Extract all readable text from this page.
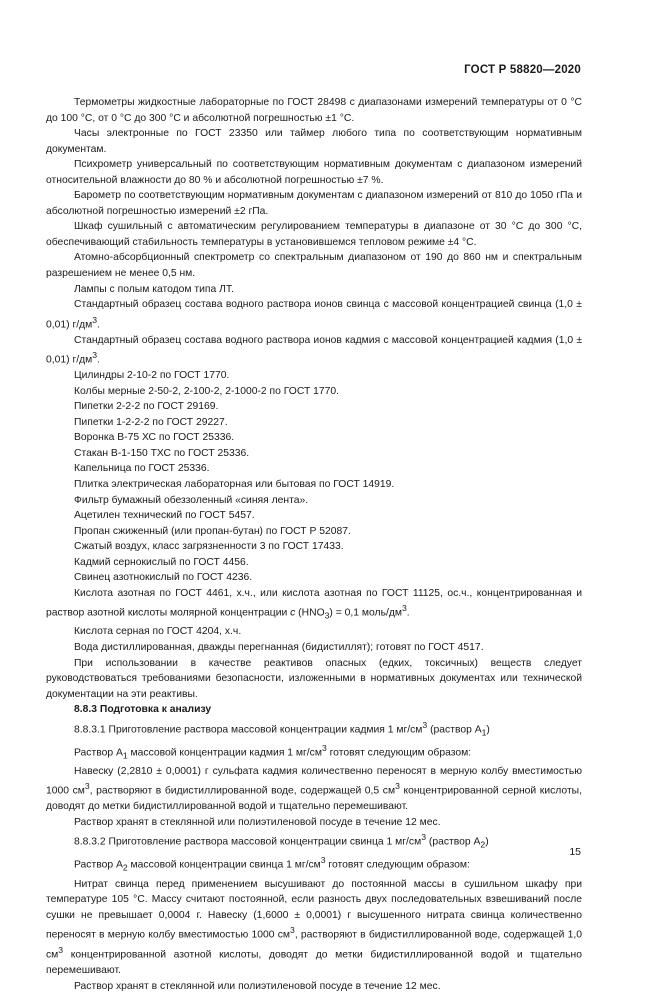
ГОСТ Р 58820—2020

Термометры жидкостные лабораторные по ГОСТ 28498 с диапазонами измерений температуры от 0 °С до 100 °С, от 0 °С до 300 °С и абсолютной погрешностью ±1 °С.

Часы электронные по ГОСТ 23350 или таймер любого типа по соответствующим нормативным документам.

Психрометр универсальный по соответствующим нормативным документам с диапазоном измерений относительной влажности до 80 % и абсолютной погрешностью ±7 %.

Барометр по соответствующим нормативным документам с диапазоном измерений от 810 до 1050 гПа и абсолютной погрешностью измерений ±2 гПа.

Шкаф сушильный с автоматическим регулированием температуры в диапазоне от 30 °С до 300 °С, обеспечивающий стабильность температуры в установившемся тепловом режиме ±4 °С.

Атомно-абсорбционный спектрометр со спектральным диапазоном от 190 до 860 нм и спектральным разрешением не менее 0,5 нм.

Лампы с полым катодом типа ЛТ.

Стандартный образец состава водного раствора ионов свинца с массовой концентрацией свинца (1,0 ± 0,01) $г/дм^3$.

Стандартный образец состава водного раствора ионов кадмия с массовой концентрацией кадмия (1,0 ± 0,01) $г/дм^3$.

Цилиндры 2-10-2 по ГОСТ 1770.

Колбы мерные 2-50-2, 2-100-2, 2-1000-2 по ГОСТ 1770.

Пипетки 2-2-2 по ГОСТ 29169.

Пипетки 1-2-2-2 по ГОСТ 29227.

Воронка В-75 ХС по ГОСТ 25336.

Стакан В-1-150 ТХС по ГОСТ 25336.

Капельница по ГОСТ 25336.

Плитка электрическая лабораторная или бытовая по ГОСТ 14919.

Фильтр бумажный обеззоленный «синяя лента».

Ацетилен технический по ГОСТ 5457.

Пропан сжиженный (или пропан-бутан) по ГОСТ Р 52087.

Сжатый воздух, класс загрязненности 3 по ГОСТ 17433.

Кадмий сернокислый по ГОСТ 4456.

Свинец азотнокислый по ГОСТ 4236.

Кислота азотная по ГОСТ 4461, х.ч., или кислота азотная по ГОСТ 11125, ос.ч., концентрированная и раствор азотной кислоты молярной концентрации c $(HNO_3) = 0,1$ моль/$дм^3$.

Кислота серная по ГОСТ 4204, х.ч.

Вода дистиллированная, дважды перегнанная (бидистиллят); готовят по ГОСТ 4517.

При использовании в качестве реактивов опасных (едких, токсичных) веществ следует руководствоваться требованиями безопасности, изложенными в нормативных документах или технической документации на эти реактивы.

8.8.3 Подготовка к анализу

8.8.3.1 Приготовление раствора массовой концентрации кадмия 1 $мг/см^3$ (раствор $А_1$)

Раствор $А_1$ массовой концентрации кадмия 1 $мг/см^3$ готовят следующим образом:

Навеску (2,2810 ± 0,0001) г сульфата кадмия количественно переносят в мерную колбу вместимостью 1000 $см^3$, растворяют в бидистиллированной воде, содержащей 0,5 $см^3$ концентрированной серной кислоты, доводят до метки бидистиллированной водой и тщательно перемешивают.

Раствор хранят в стеклянной или полиэтиленовой посуде в течение 12 мес.

8.8.3.2 Приготовление раствора массовой концентрации свинца 1 $мг/см^3$ (раствор $А_2$)

Раствор $А_2$ массовой концентрации свинца 1 $мг/см^3$ готовят следующим образом:

Нитрат свинца перед применением высушивают до постоянной массы в сушильном шкафу при температуре 105 °С. Массу считают постоянной, если разность двух последовательных взвешиваний после сушки не превышает 0,0004 г. Навеску (1,6000 ± 0,0001) г высушенного нитрата свинца количественно переносят в мерную колбу вместимостью 1000 $см^3$, растворяют в бидистиллированной воде, содержащей 1,0 $см^3$ концентрированной азотной кислоты, доводят до метки бидистиллированной водой и тщательно перемешивают.

Раствор хранят в стеклянной или полиэтиленовой посуде в течение 12 мес.

15
